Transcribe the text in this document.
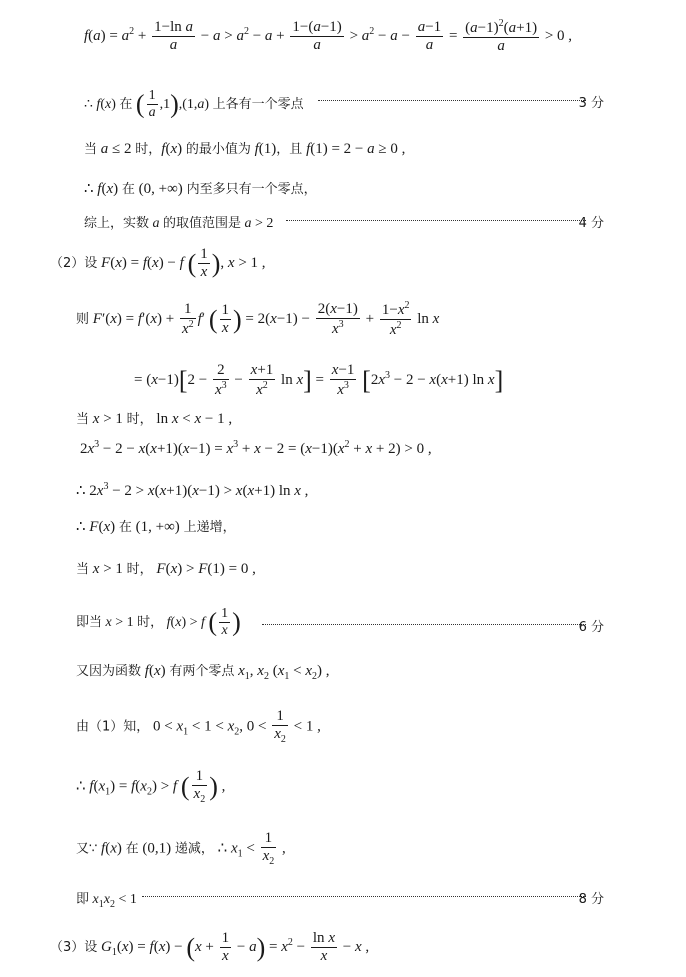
$f(a) = a^2 + \frac{\text{1−ln a}}{a} - a > a^2 - a + \frac{1-(a-1)}{a} > a^2 - a - \frac{a-1}{a} = \frac{(a-1)^2(a+1)}{a} > 0$ ,
∴ f(x) 在 ( $\frac{1}{a} ,1),(1,a)$ 上各有一个零点	3 分
当 a ≤ 2 时，f(x) 的最小值为 f(1)，且 f(1) = 2 − a ≥ 0 ,
∴ f(x) 在 (0, +∞) 内至多只有一个零点，
综上，实数 a 的取值范围是 a > 2	4 分
（2）设 F(x) = f(x) − f ( $\frac{1}{x}$ ), x > 1 ,
则 $F'(x) = f'(x) + \frac{1}{x^2} f'$ ( $\frac{1}{x}$ ) = $2(x-1) - \frac{2(x-1)}{x^3} + \frac{1-x^2}{x^2}$ ln x
= $(x-1)[2 - \frac{2}{x^3} - \frac{x+1}{x^2}$ $\ln x] = \frac{x-1}{x^3} [2x^3 - 2 - x(x+1)$ ln x]
当 x > 1 时， ln x < x − 1 ,
$2x^3 - 2 - x(x+1)(x-1) = x^3 + x - 2 = (x-1)(x^2 + x + 2) > 0$ ,
∴ $2x^3 - 2 > x(x+1)(x-1) > x(x+1)$ ln x ,
∴ F(x) 在 (1, +∞) 上递增，
当 x > 1 时， F(x) > F(1) = 0 ,
即当 x > 1 时， f(x) > f ( $\frac{1}{x}$ )	6 分
又因为函数 f(x) 有两个零点 $x_1$, $x_2$ $(x_1 < x_2)$ ,
由（1）知， $0 < x_1 < 1 < x_2$, $0 < \frac{1}{x_2} < 1$ ,
∴ $f(x_1) = f(x_2) > f$ ( $\frac{1}{x_2}$ ) ,
又∵ f(x) 在 (0,1) 递减， ∴ $x_1 < \frac{1}{x_2}$ ,
即 $x_1x_2 < 1$	8 分
（3）设 $G_1(x) = f(x) - (x + \frac{1}{x} - a) = x^2 - \frac{\text{ln x}}{x} - x$ ,
